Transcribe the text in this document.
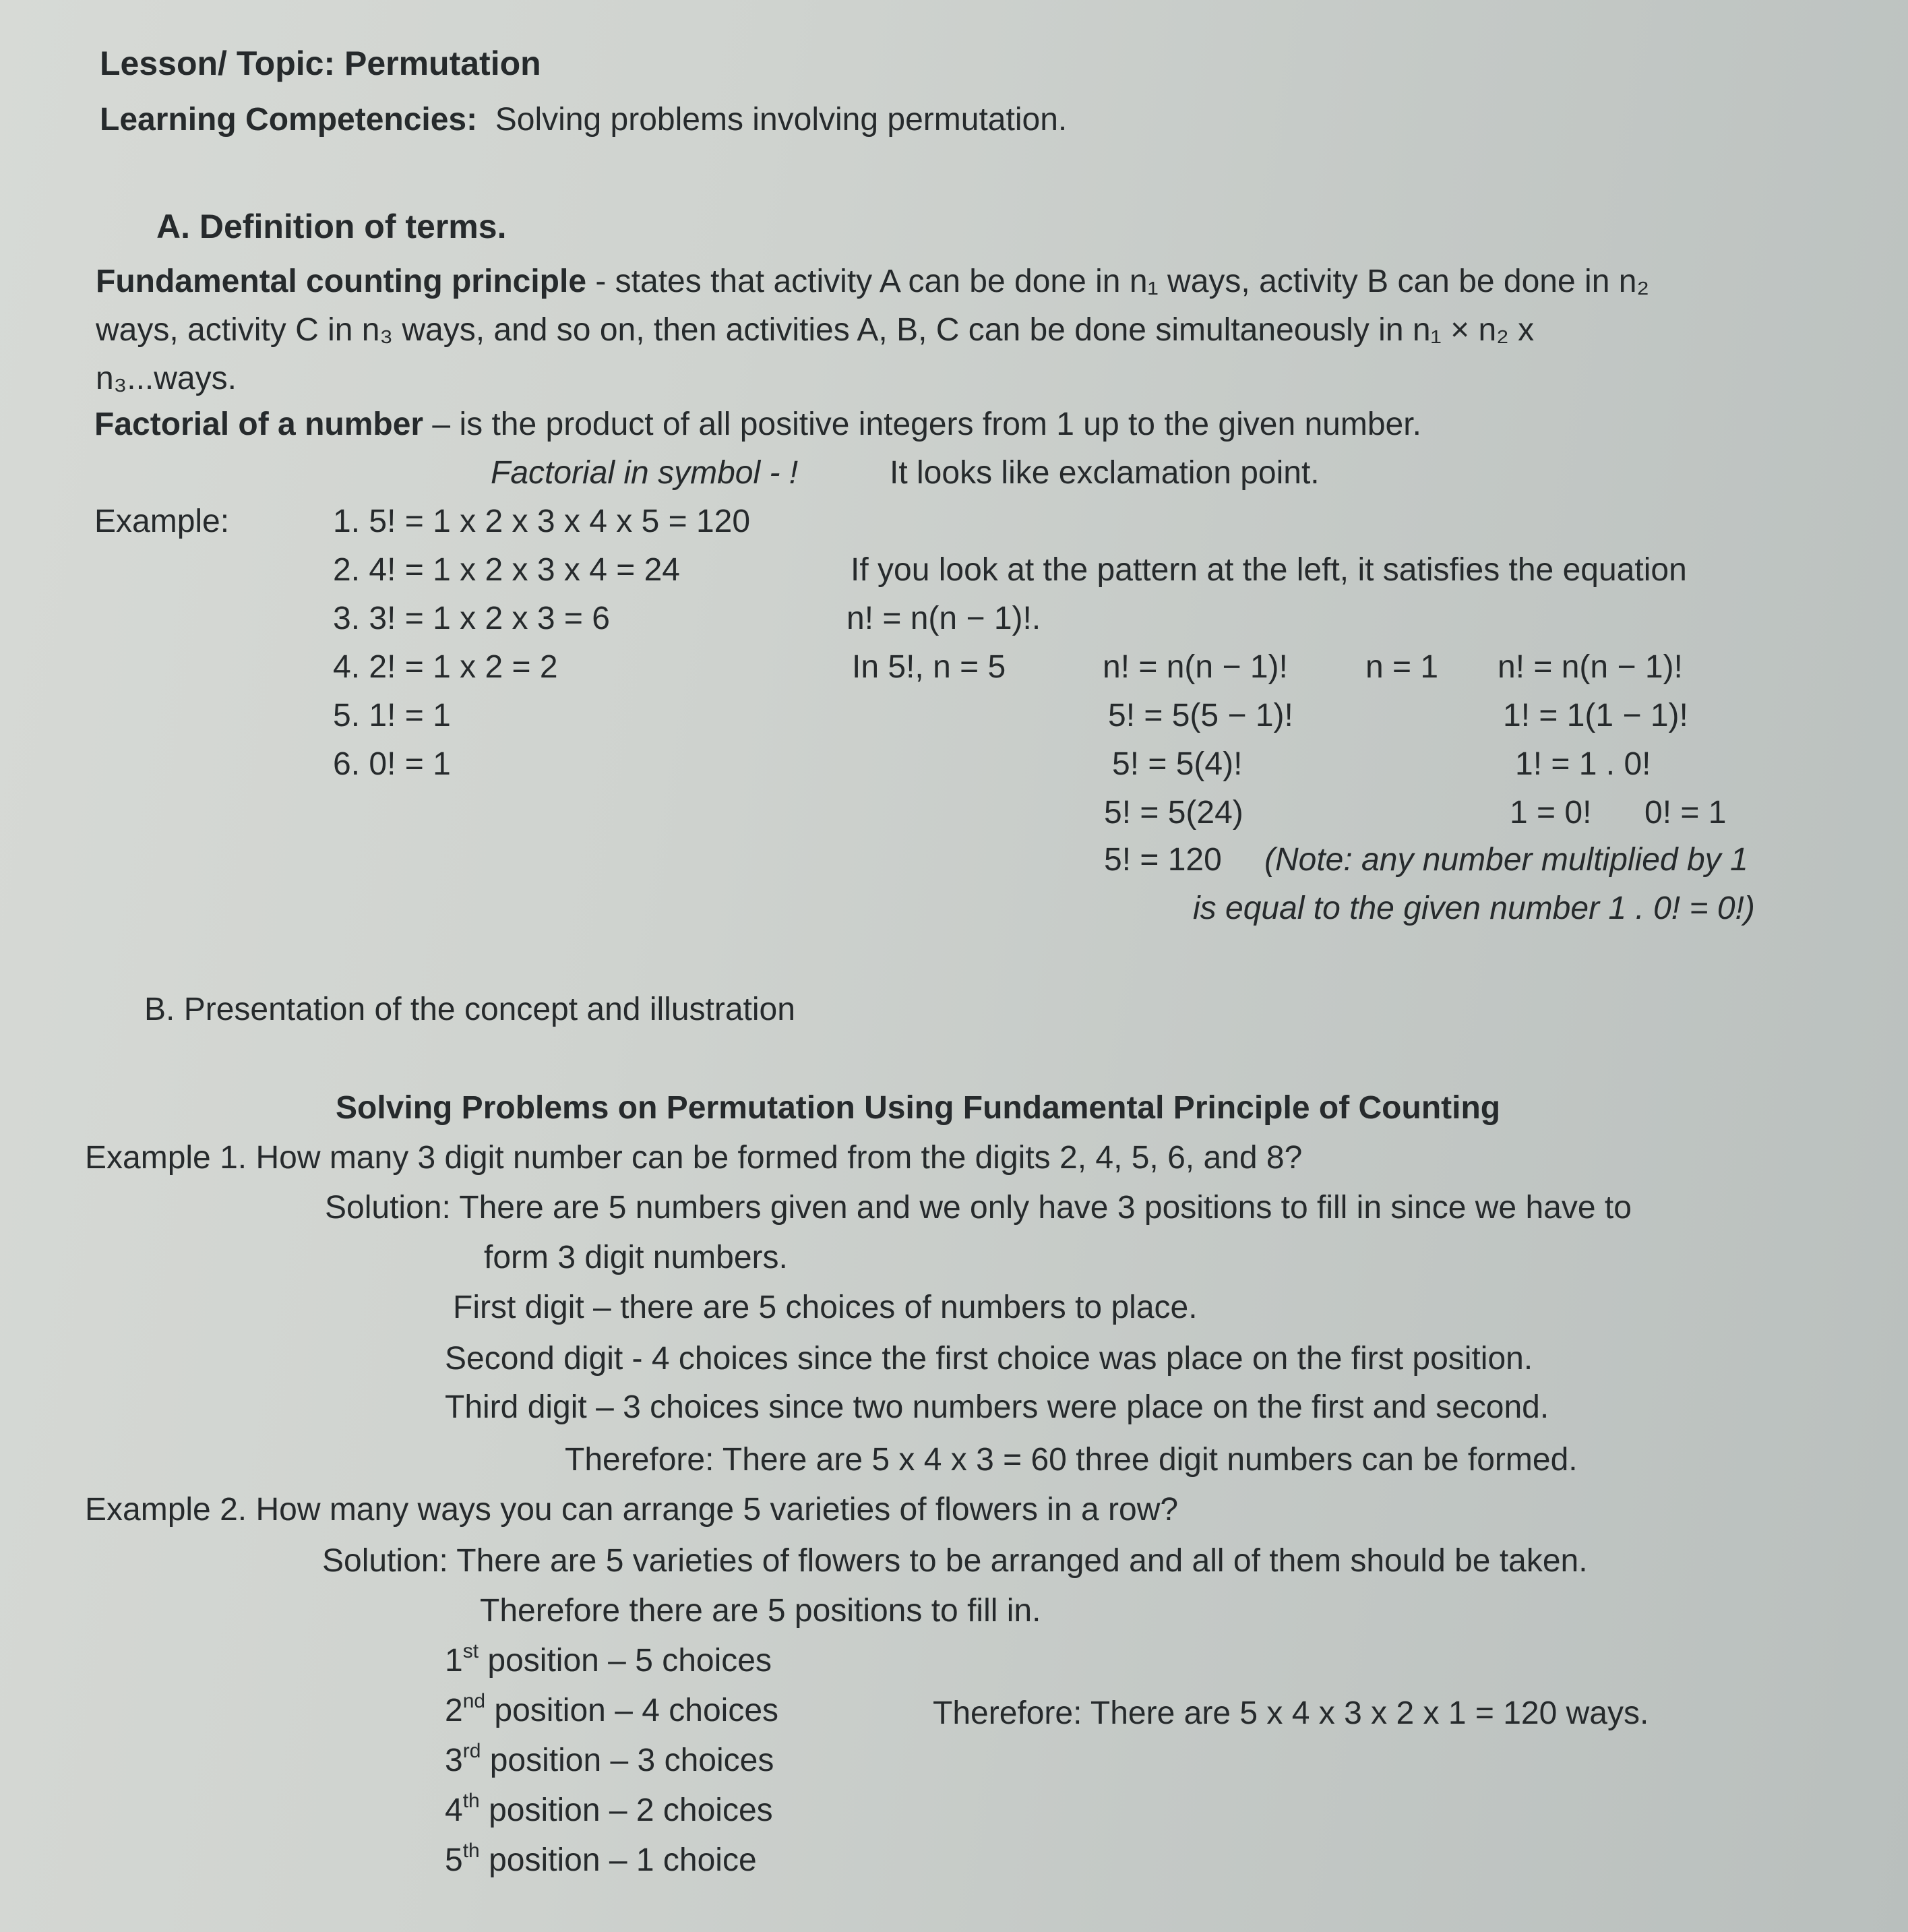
Lesson/ Topic: Permutation
Learning Competencies: Solving problems involving permutation.
A. Definition of terms.
Fundamental counting principle - states that activity A can be done in n₁ ways, activity B can be done in n₂
ways, activity C in n₃ ways, and so on, then activities A, B, C can be done simultaneously in n₁ × n₂ x
n₃...ways.
Factorial of a number – is the product of all positive integers from 1 up to the given number.
Factorial in symbol - !	It looks like exclamation point.
Example:	1. 5! = 1 x 2 x 3 x 4 x 5 = 120
2. 4! = 1 x 2 x 3 x 4 = 24
3. 3! = 1 x 2 x 3 = 6
4. 2! = 1 x 2 = 2
5. 1! = 1
6. 0! = 1
If you look at the pattern at the left, it satisfies the equation
n! = n(n − 1)!.
In 5!, n = 5	n! = n(n − 1)!
5! = 5(5 − 1)!
5! = 5(4)!
5! = 5(24)
5! = 120
n = 1 n! = n(n − 1)!
1! = 1(1 − 1)!
1! = 1 . 0!
1 = 0! 0! = 1
(Note: any number multiplied by 1
is equal to the given number 1 . 0! = 0!)
B. Presentation of the concept and illustration
Solving Problems on Permutation Using Fundamental Principle of Counting
Example 1. How many 3 digit number can be formed from the digits 2, 4, 5, 6, and 8?
Solution: There are 5 numbers given and we only have 3 positions to fill in since we have to
form 3 digit numbers.
First digit – there are 5 choices of numbers to place.
Second digit - 4 choices since the first choice was place on the first position.
Third digit – 3 choices since two numbers were place on the first and second.
Therefore: There are 5 x 4 x 3 = 60 three digit numbers can be formed.
Example 2. How many ways you can arrange 5 varieties of flowers in a row?
Solution: There are 5 varieties of flowers to be arranged and all of them should be taken.
Therefore there are 5 positions to fill in.
1st position – 5 choices
2nd position – 4 choices
3rd position – 3 choices
4th position – 2 choices
5th position – 1 choice
Therefore: There are 5 x 4 x 3 x 2 x 1 = 120 ways.
